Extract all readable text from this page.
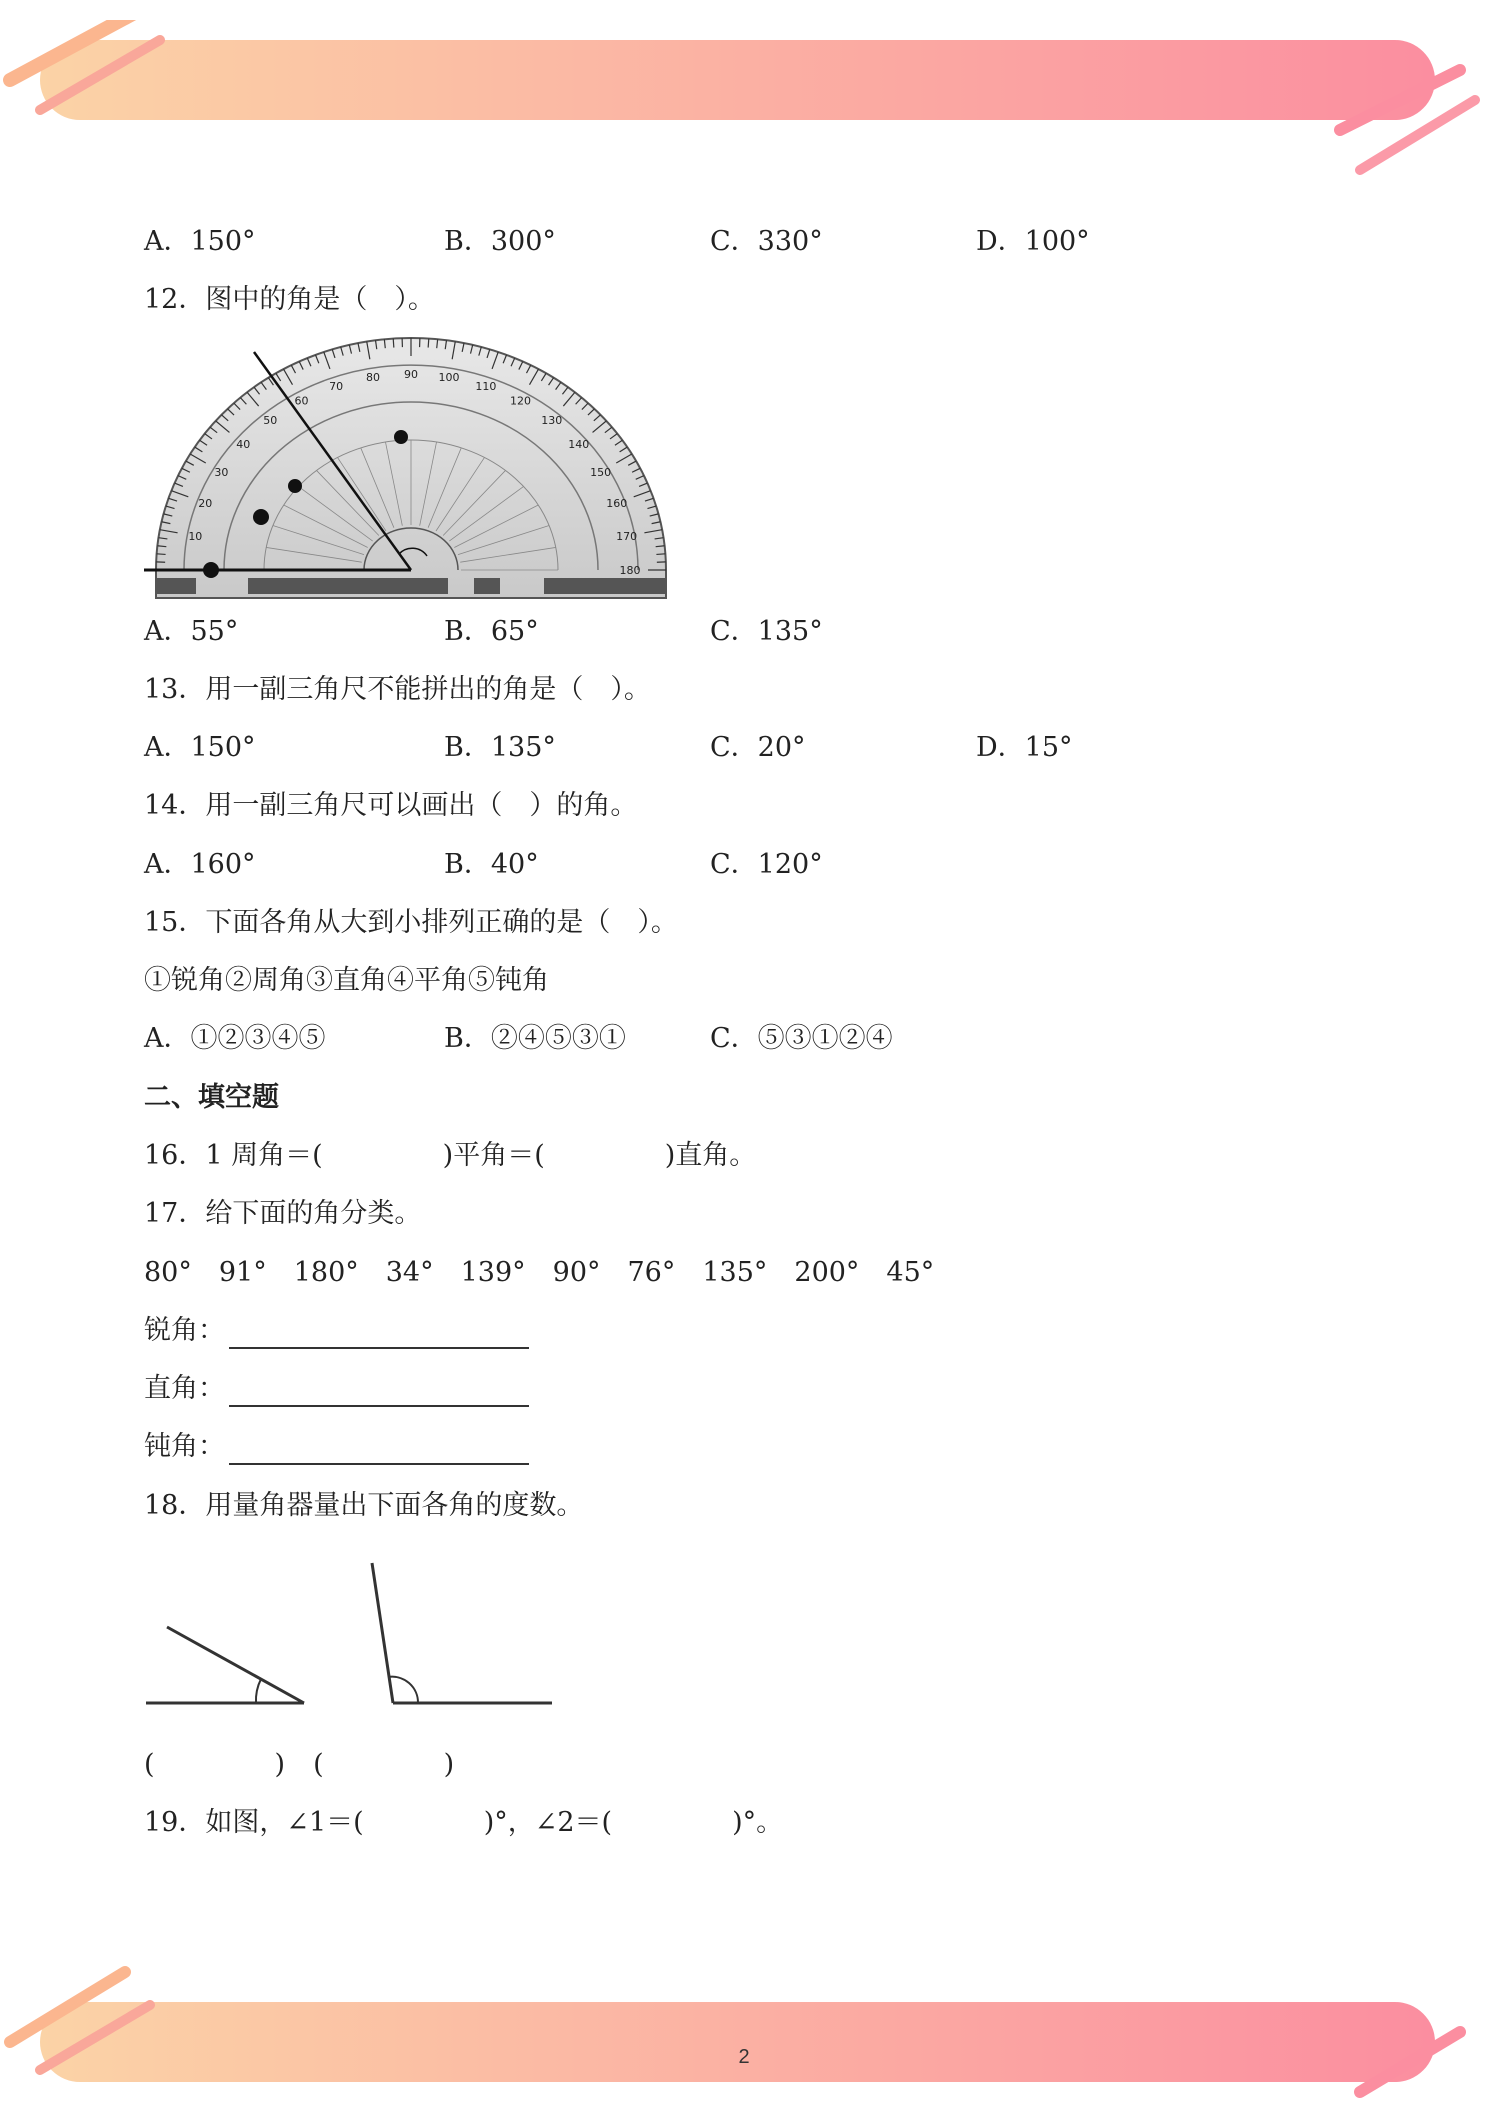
A．150°	B．300°	C．330°	D．100°
12．图中的角是（　）。
10
20
30
40
50
60
70
80 90 100
110
120
130
140
150
160
170
180
A．55°	B．65°	C．135°
13．用一副三角尺不能拼出的角是（　）。
A．150°	B．135°	C．20°	D．15°
14．用一副三角尺可以画出（　）的角。
A．160°	B．40°	C．120°
15．下面各角从大到小排列正确的是（　）。
①锐角②周角③直角④平角⑤钝角
A．①②③④⑤	B．②④⑤③①	C．⑤③①②④
二、填空题
16．1 周角＝(	)平角＝(	)直角。
17．给下面的角分类。
80°　91°　180°　34°　139°　90°　76°　135°　200°　45°
锐角：
直角：
钝角：
18．用量角器量出下面各角的度数。
(	) (	)
19．如图，∠1＝(	)°，∠2＝(	)°。
2
